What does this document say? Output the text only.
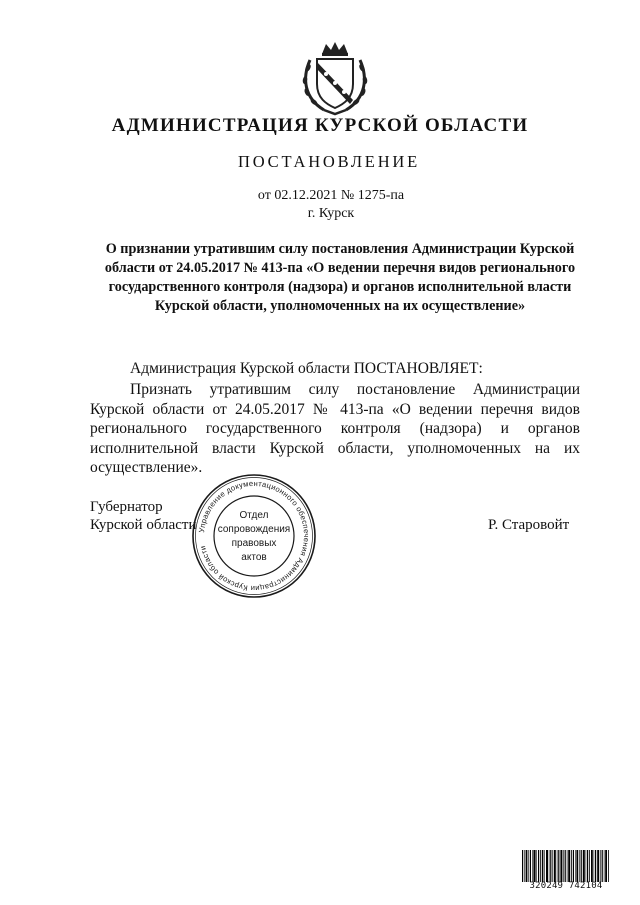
АДМИНИСТРАЦИЯ КУРСКОЙ ОБЛАСТИ
ПОСТАНОВЛЕНИЕ
от 02.12.2021 № 1275-па
г. Курск
О признании утратившим силу постановления Администрации Курской области от 24.05.2017 № 413-па «О ведении перечня видов регионального государственного контроля (надзора) и органов исполнительной власти Курской области, уполномоченных на их осуществление»
Администрация Курской области ПОСТАНОВЛЯЕТ:
Признать утратившим силу постановление Администрации Курской области от 24.05.2017 № 413-па «О ведении перечня видов регионального государственного контроля (надзора) и органов исполнительной власти Курской области, уполномоченных на их осуществление».
Губернатор
Курской области	Р. Старовойт
Управление документационного обеспечения Администрации Курской области
Отдел
сопровождения
правовых
актов
320249 742104
